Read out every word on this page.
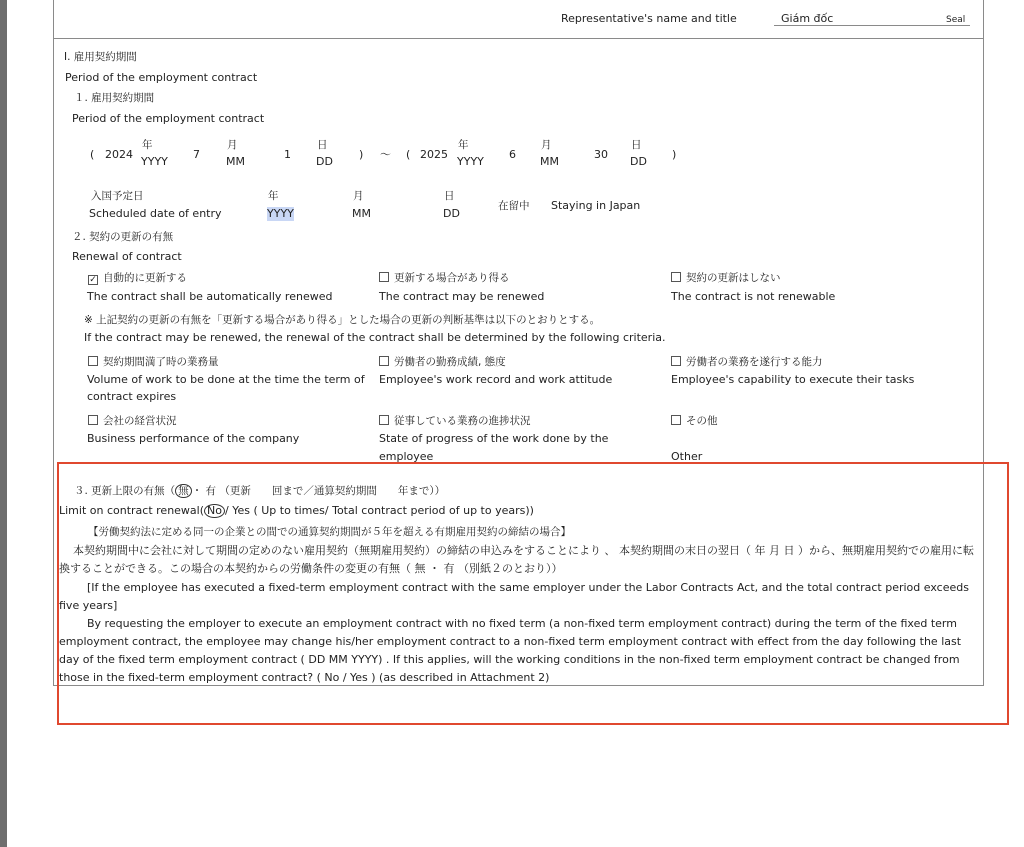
Representative's name and title	Giám đốc	Seal
Ⅰ. 雇用契約期間
Period of the employment contract
１. 雇用契約期間
Period of the employment contract
( 2024
年
YYYY
7
月
MM
1
日
DD
) 〜 ( 2025
年
YYYY
6
月
MM
30
日
DD
)
入国予定日
Scheduled date of entry
年
YYYY
月
MM
日
DD
在留中 Staying in Japan
２. 契約の更新の有無
Renewal of contract
✓ 自動的に更新する
The contract shall be automatically renewed
更新する場合があり得る
The contract may be renewed
契約の更新はしない
The contract is not renewable
※ 上記契約の更新の有無を「更新する場合があり得る」とした場合の更新の判断基準は以下のとおりとする。
If the contract may be renewed, the renewal of the contract shall be determined by the following criteria.
契約期間満了時の業務量
Volume of work to be done at the time the term of
contract expires
労働者の勤務成績, 態度
Employee's work record and work attitude
労働者の業務を遂行する能力
Employee's capability to execute their tasks
会社の経営状況
Business performance of the company
従事している業務の進捗状況
State of progress of the work done by the
employee
その他
Other
３. 更新上限の有無（ 無 ・ 有 （更新　　回まで／通算契約期間　　年まで））
Limit on contract renewal( No / Yes ( Up to times/ Total contract period of up to years))
【労働契約法に定める同一の企業との間での通算契約期間が５年を超える有期雇用契約の締結の場合】
本契約期間中に会社に対して期間の定めのない雇用契約（無期雇用契約）の締結の申込みをすることにより 、 本契約期間の末日の翌日（ 年 月 日 ）から、無期雇用契約での雇用に転換することができる。この場合の本契約からの労働条件の変更の有無（ 無 ・ 有 （別紙２のとおり））
[If the employee has executed a fixed-term employment contract with the same employer under the Labor Contracts Act, and the total contract period exceeds five years]
By requesting the employer to execute an employment contract with no fixed term (a non-fixed term employment contract) during the term of the fixed term employment contract, the employee may change his/her employment contract to a non-fixed term employment contract with effect from the day following the last day of the fixed term employment contract ( DD MM YYYY) . If this applies, will the working conditions in the non-fixed term employment contract be changed from those in the fixed-term employment contract? ( No / Yes ) (as described in Attachment 2)
